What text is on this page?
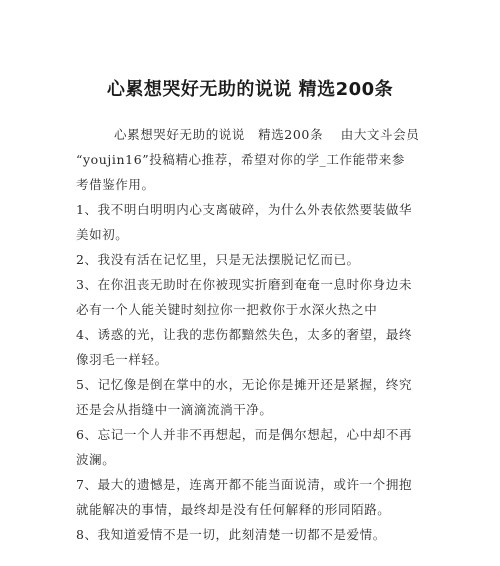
心累想哭好无助的说说 精选200条
心累想哭好无助的说说　精选200条　 由大文斗会员
“youjin16”投稿精心推荐，希望对你的学_工作能带来参
考借鉴作用。
1、我不明白明明内心支离破碎，为什么外表依然要装做华
美如初。
2、我没有活在记忆里，只是无法摆脱记忆而已。
3、在你沮丧无助时在你被现实折磨到奄奄一息时你身边未
必有一个人能关键时刻拉你一把救你于水深火热之中
4、诱惑的光，让我的悲伤都黯然失色，太多的奢望，最终
像羽毛一样轻。
5、记忆像是倒在掌中的水，无论你是摊开还是紧握，终究
还是会从指缝中一滴滴流淌干净。
6、忘记一个人并非不再想起，而是偶尔想起，心中却不再
波澜。
7、最大的遗憾是，连离开都不能当面说清，或许一个拥抱
就能解决的事情，最终却是没有任何解释的形同陌路。
8、我知道爱情不是一切，此刻清楚一切都不是爱情。
